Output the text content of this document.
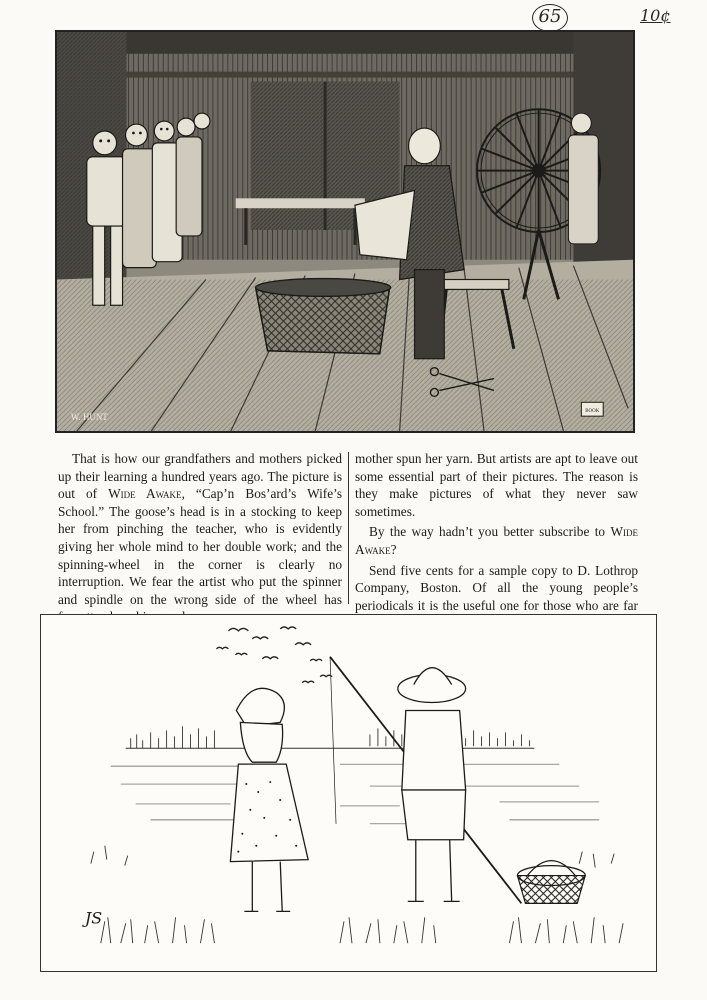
65	10¢
BOOK
W. HUNT

That is how our grandfathers and mothers picked up their learning a hundred years ago. The picture is out of Wide Awake, “Cap’n Bos’ard’s Wife’s School.” The goose’s head is in a stocking to keep her from pinching the teacher, who is evidently giving her whole mind to her double work; and the spinning-wheel in the corner is clearly no interruption. We fear the artist who put the spinner and spindle on the wrong side of the wheel has

mother spun her yarn. But artists are apt to leave out some essential part of their pictures. The reason is they make pictures of what they never saw sometimes.

By the way hadn’t you better subscribe to Wide Awake?

Send five cents for a sample copy to D. Lothrop Company, Boston. Of all the young people’s periodicals it is the useful one for those who are far

JS
